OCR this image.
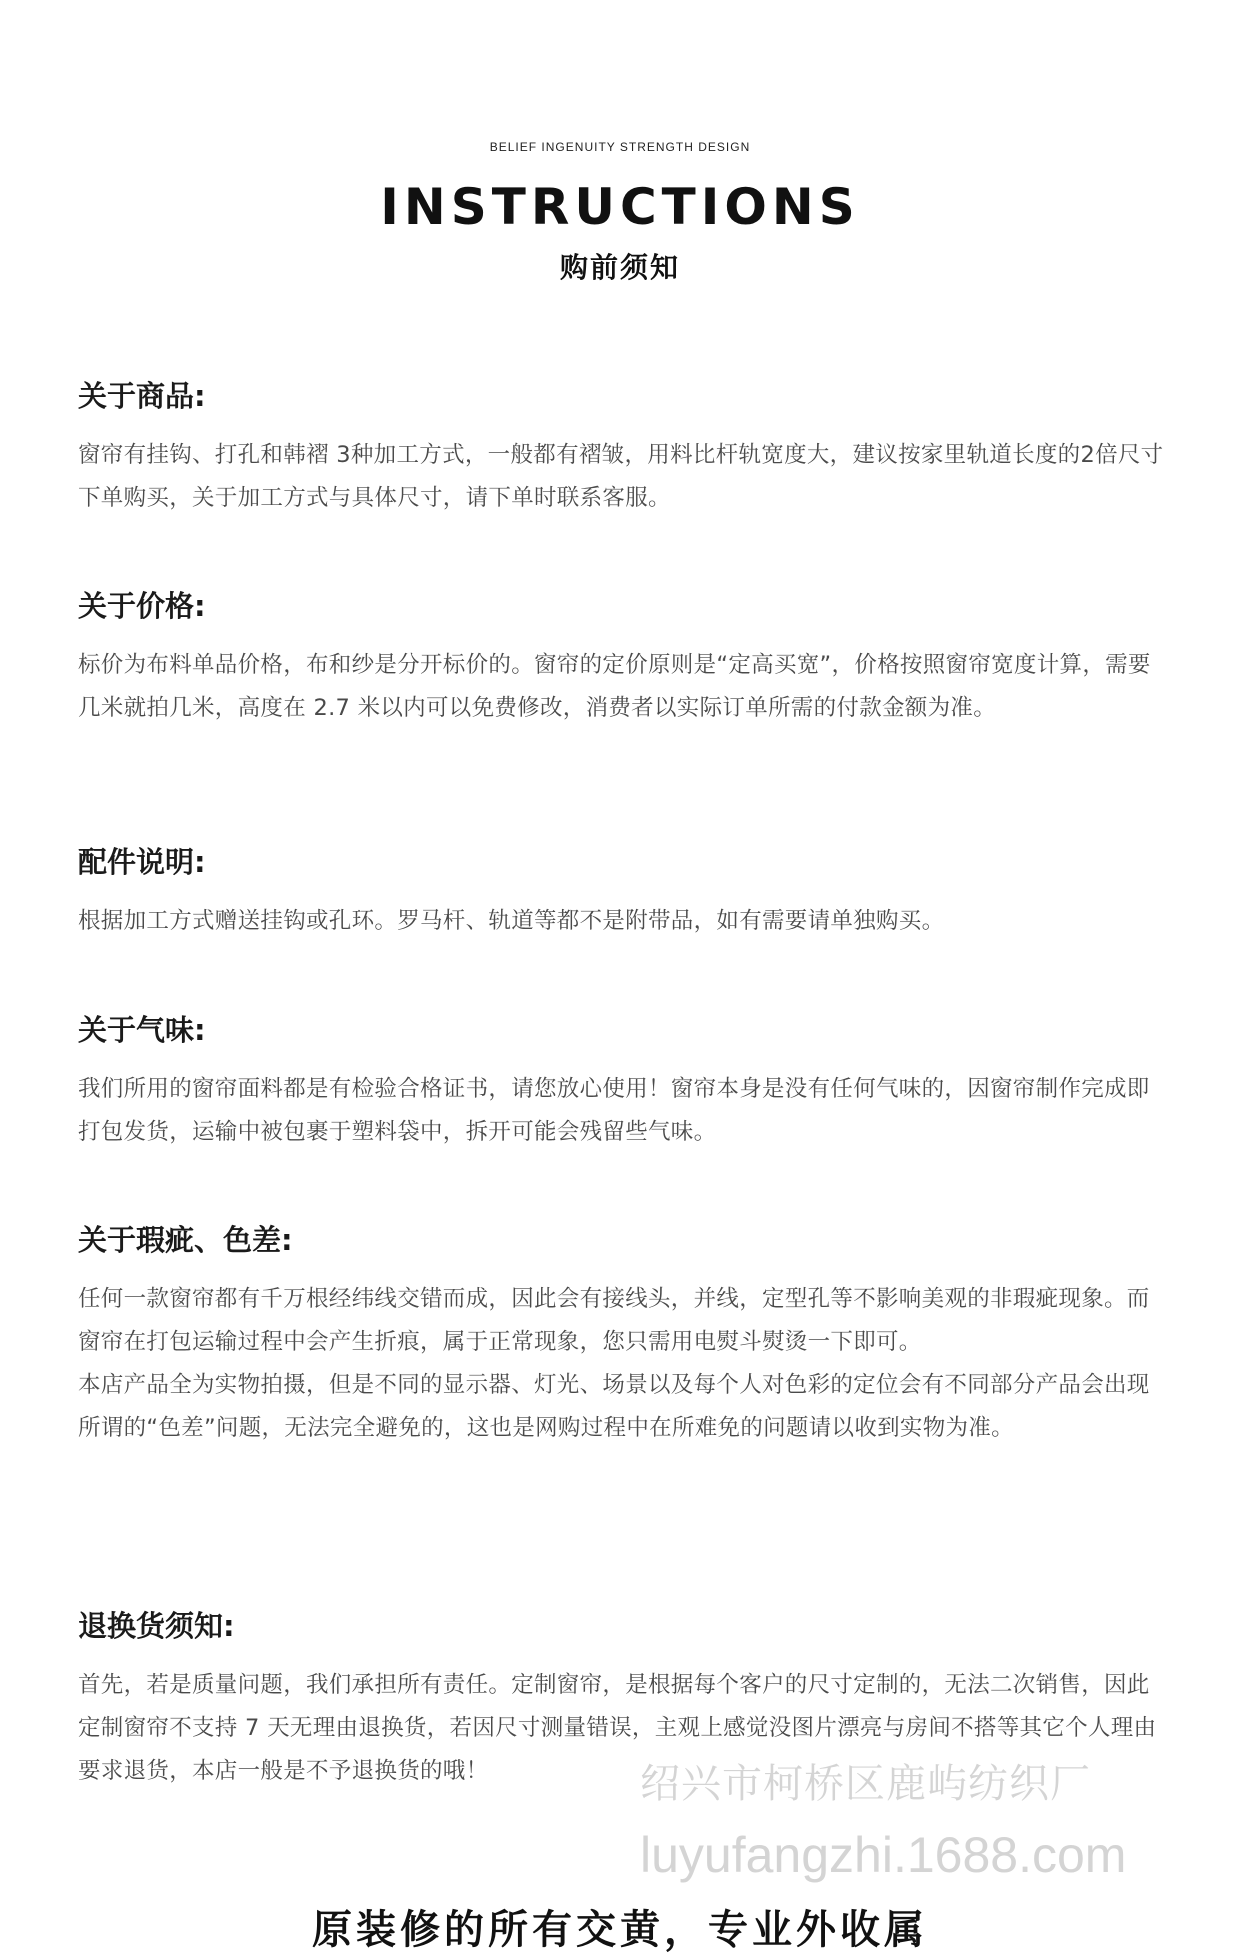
BELIEF INGENUITY STRENGTH DESIGN
INSTRUCTIONS
购前须知
关于商品:

窗帘有挂钩、打孔和韩褶 3种加工方式，一般都有褶皱，用料比杆轨宽度大，建议按家里轨道长度的2倍尺寸下单购买，关于加工方式与具体尺寸，请下单时联系客服。

关于价格:

标价为布料单品价格，布和纱是分开标价的。窗帘的定价原则是“定高买宽”，价格按照窗帘宽度计算，需要几米就拍几米，高度在 2.7 米以内可以免费修改，消费者以实际订单所需的付款金额为准。

配件说明:

根据加工方式赠送挂钩或孔环。罗马杆、轨道等都不是附带品，如有需要请单独购买。

关于气味:

我们所用的窗帘面料都是有检验合格证书，请您放心使用！窗帘本身是没有任何气味的，因窗帘制作完成即打包发货，运输中被包裹于塑料袋中，拆开可能会残留些气味。

关于瑕疵、色差:

任何一款窗帘都有千万根经纬线交错而成，因此会有接线头，并线，定型孔等不影响美观的非瑕疵现象。而窗帘在打包运输过程中会产生折痕，属于正常现象，您只需用电熨斗熨烫一下即可。

本店产品全为实物拍摄，但是不同的显示器、灯光、场景以及每个人对色彩的定位会有不同部分产品会出现所谓的“色差”问题，无法完全避免的，这也是网购过程中在所难免的问题请以收到实物为准。

退换货须知:

首先，若是质量问题，我们承担所有责任。定制窗帘，是根据每个客户的尺寸定制的，无法二次销售，因此定制窗帘不支持 7 天无理由退换货，若因尺寸测量错误，主观上感觉没图片漂亮与房间不搭等其它个人理由要求退货，本店一般是不予退换货的哦！	绍兴市柯桥区鹿屿纺织厂
luyufangzhi.1688.com
原装修的所有交黄，专业外收属
